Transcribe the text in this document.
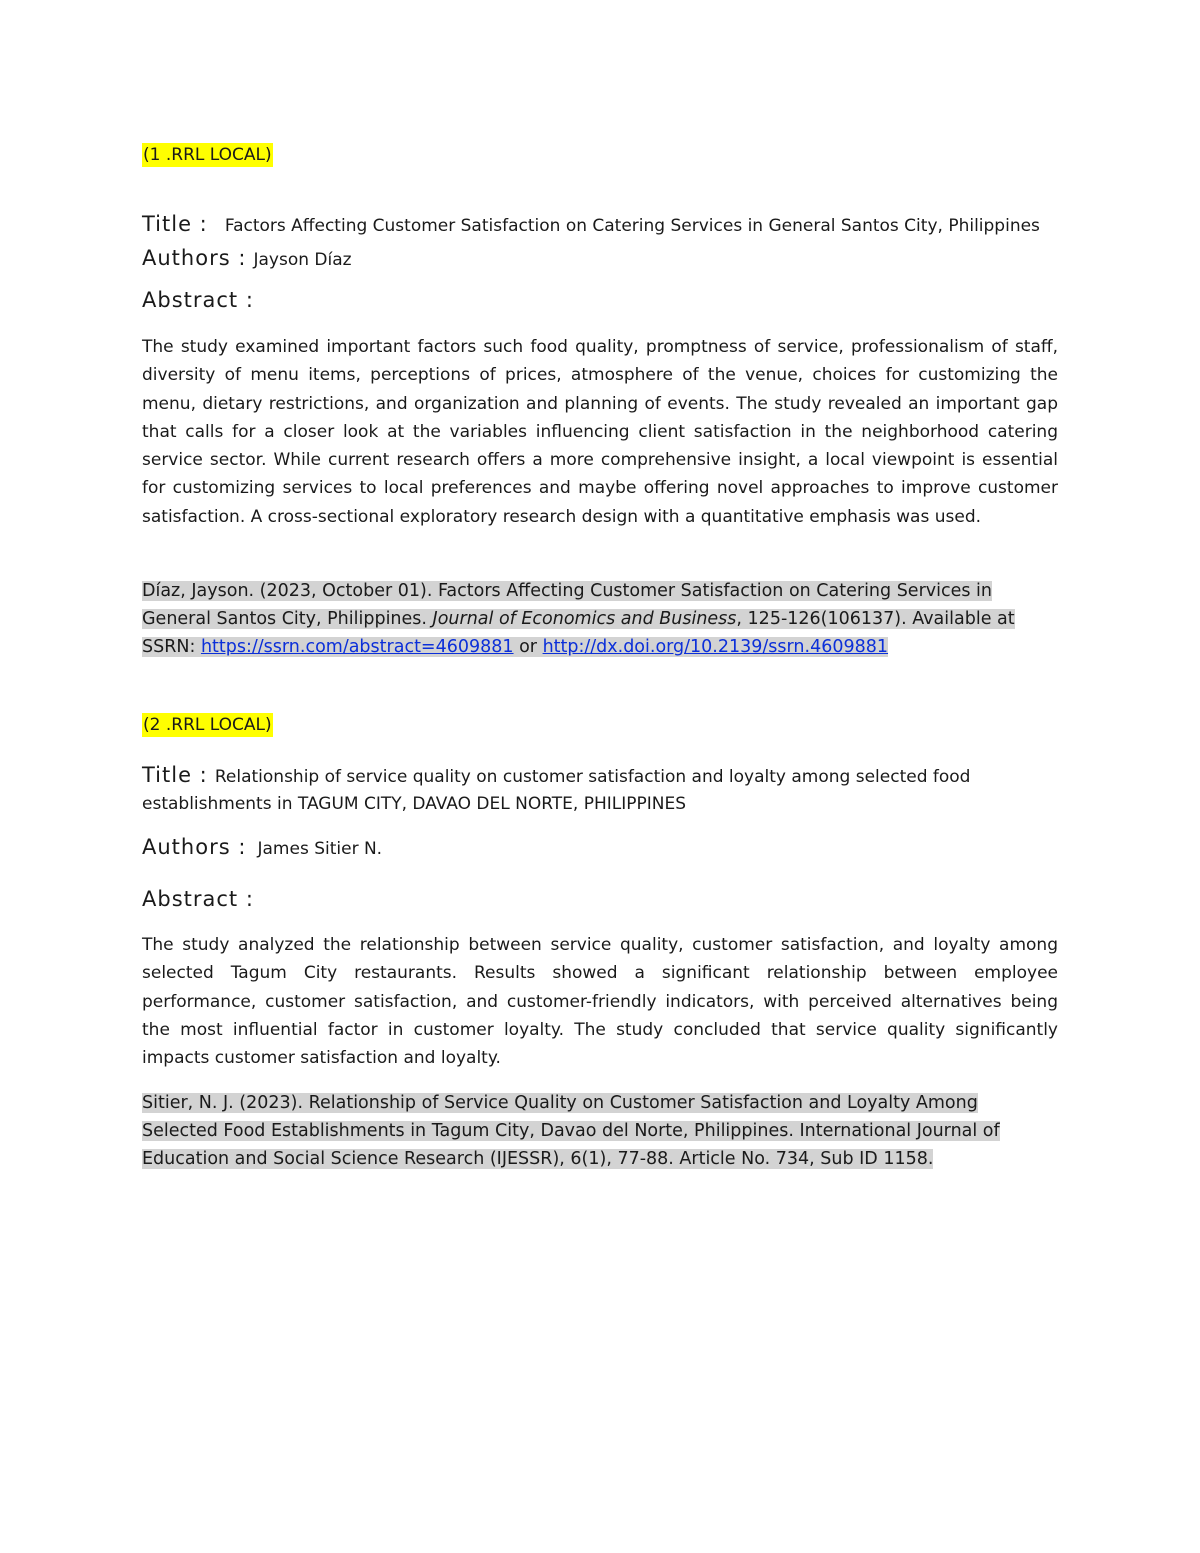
(1 .RRL LOCAL)
Title : Factors Affecting Customer Satisfaction on Catering Services in General Santos City, Philippines
Authors : Jayson Díaz
Abstract :
The study examined important factors such food quality, promptness of service, professionalism of staff, diversity of menu items, perceptions of prices, atmosphere of the venue, choices for customizing the menu, dietary restrictions, and organization and planning of events. The study revealed an important gap that calls for a closer look at the variables influencing client satisfaction in the neighborhood catering service sector. While current research offers a more comprehensive insight, a local viewpoint is essential for customizing services to local preferences and maybe offering novel approaches to improve customer satisfaction. A cross-sectional exploratory research design with a quantitative emphasis was used.
Díaz, Jayson. (2023, October 01). Factors Affecting Customer Satisfaction on Catering Services in General Santos City, Philippines. Journal of Economics and Business, 125-126(106137). Available at SSRN: https://ssrn.com/abstract=4609881 or http://dx.doi.org/10.2139/ssrn.4609881
(2 .RRL LOCAL)
Title : Relationship of service quality on customer satisfaction and loyalty among selected food
establishments in TAGUM CITY, DAVAO DEL NORTE, PHILIPPINES
Authors : James Sitier N.
Abstract :
The study analyzed the relationship between service quality, customer satisfaction, and loyalty among selected Tagum City restaurants. Results showed a significant relationship between employee performance, customer satisfaction, and customer-friendly indicators, with perceived alternatives being the most influential factor in customer loyalty. The study concluded that service quality significantly impacts customer satisfaction and loyalty.
Sitier, N. J. (2023). Relationship of Service Quality on Customer Satisfaction and Loyalty Among Selected Food Establishments in Tagum City, Davao del Norte, Philippines. International Journal of Education and Social Science Research (IJESSR), 6(1), 77-88. Article No. 734, Sub ID 1158.
